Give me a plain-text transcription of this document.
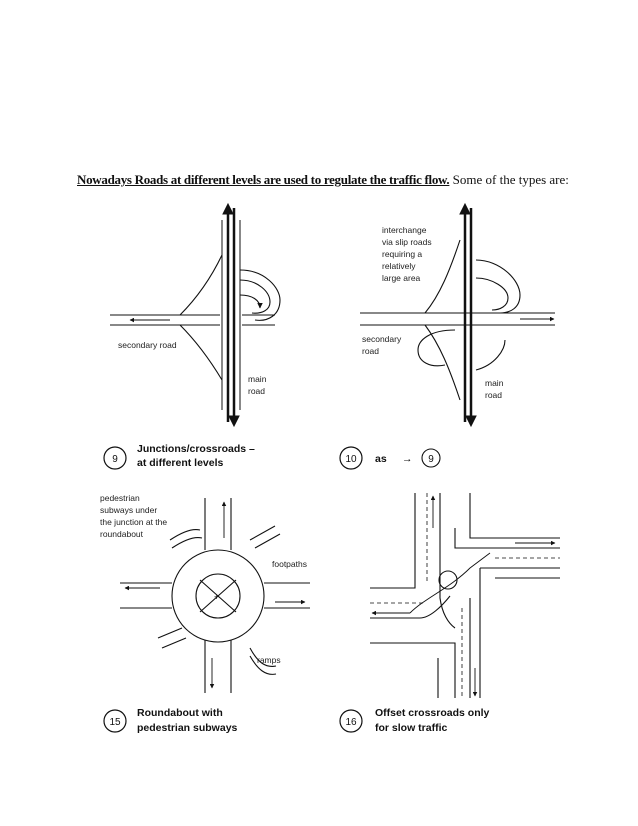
Nowadays Roads at different levels are used to regulate the traffic flow. Some of the types are:

secondary road
main
road
9
Junctions/crossroads –
at different levels
interchange
via slip roads
requiring a
relatively
large area
secondary
road
main
road
10 as → 9
+
pedestrian
subways under
the junction at the
roundabout
footpaths
ramps
15
Roundabout with
pedestrian subways	16
Offset crossroads only
for slow traffic
